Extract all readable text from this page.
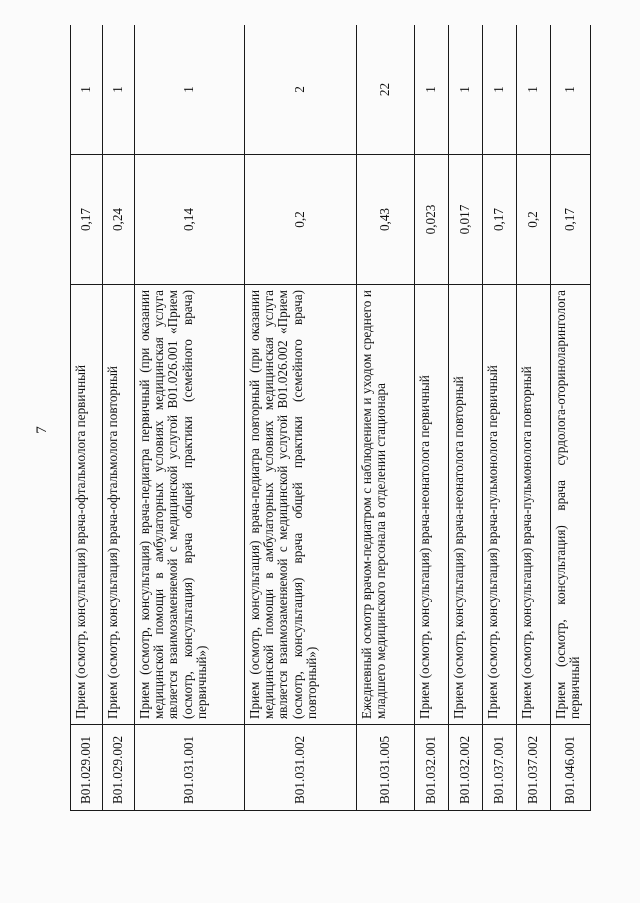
7
B01.029.001	Прием (осмотр, консультация) врача-офтальмолога первичный	0,17	1
B01.029.002	Прием (осмотр, консультация) врача-офтальмолога повторный	0,24	1
B01.031.001	Прием (осмотр, консультация) врача-педиатра первичный (при оказании медицинской помощи в амбулаторных условиях медицинская услуга является взаимозаменяемой с медицинской услугой B01.026.001 «Прием (осмотр, консультация) врача общей практики (семейного врача) первичный»)	0,14	1
B01.031.002	Прием (осмотр, консультация) врача-педиатра повторный (при оказании медицинской помощи в амбулаторных условиях медицинская услуга является взаимозаменяемой с медицинской услугой B01.026.002 «Прием (осмотр, консультация) врача общей практики (семейного врача) повторный»)	0,2	2
B01.031.005	Ежедневный осмотр врачом-педиатром с наблюдением и уходом среднего и младшего медицинского персонала в отделении стационара	0,43	22
B01.032.001	Прием (осмотр, консультация) врача-неонатолога первичный	0,023	1
B01.032.002	Прием (осмотр, консультация) врача-неонатолога повторный	0,017	1
B01.037.001	Прием (осмотр, консультация) врача-пульмонолога первичный	0,17	1
B01.037.002	Прием (осмотр, консультация) врача-пульмонолога повторный	0,2	1
B01.046.001	Прием (осмотр, консультация) врача сурдолога-оториноларинголога первичный	0,17	1
